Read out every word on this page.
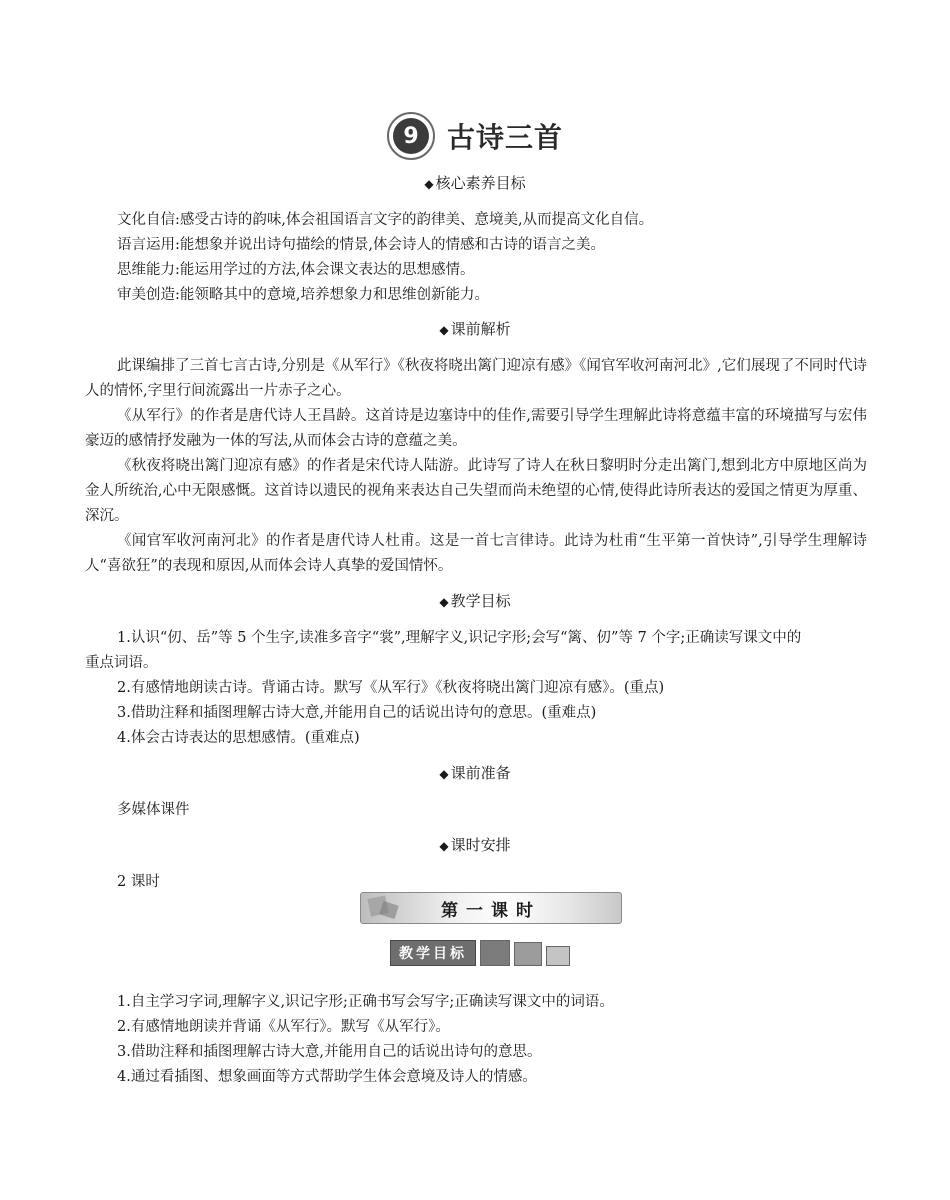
9	古诗三首
◆ 核心素养目标
文化自信:感受古诗的韵味,体会祖国语言文字的韵律美、意境美,从而提高文化自信。
语言运用:能想象并说出诗句描绘的情景,体会诗人的情感和古诗的语言之美。
思维能力:能运用学过的方法,体会课文表达的思想感情。
审美创造:能领略其中的意境,培养想象力和思维创新能力。
◆ 课前解析
此课编排了三首七言古诗,分别是《从军行》《秋夜将晓出篱门迎凉有感》《闻官军收河南河北》,它们展现了不同时代诗人的情怀,字里行间流露出一片赤子之心。
《从军行》的作者是唐代诗人王昌龄。这首诗是边塞诗中的佳作,需要引导学生理解此诗将意蕴丰富的环境描写与宏伟豪迈的感情抒发融为一体的写法,从而体会古诗的意蕴之美。
《秋夜将晓出篱门迎凉有感》的作者是宋代诗人陆游。此诗写了诗人在秋日黎明时分走出篱门,想到北方中原地区尚为金人所统治,心中无限感慨。这首诗以遗民的视角来表达自己失望而尚未绝望的心情,使得此诗所表达的爱国之情更为厚重、深沉。
《闻官军收河南河北》的作者是唐代诗人杜甫。这是一首七言律诗。此诗为杜甫“生平第一首快诗”,引导学生理解诗人“喜欲狂”的表现和原因,从而体会诗人真挚的爱国情怀。
◆ 教学目标
1.认识“仞、岳”等 5 个生字,读准多音字“裳”,理解字义,识记字形;会写“篱、仞”等 7 个字;正确读写课文中的
重点词语。
2.有感情地朗读古诗。背诵古诗。默写《从军行》《秋夜将晓出篱门迎凉有感》。(重点)
3.借助注释和插图理解古诗大意,并能用自己的话说出诗句的意思。(重难点)
4.体会古诗表达的思想感情。(重难点)
◆ 课前准备
多媒体课件
◆ 课时安排
2 课时
第一课时
教学目标
1.自主学习字词,理解字义,识记字形;正确书写会写字;正确读写课文中的词语。
2.有感情地朗读并背诵《从军行》。默写《从军行》。
3.借助注释和插图理解古诗大意,并能用自己的话说出诗句的意思。
4.通过看插图、想象画面等方式帮助学生体会意境及诗人的情感。
